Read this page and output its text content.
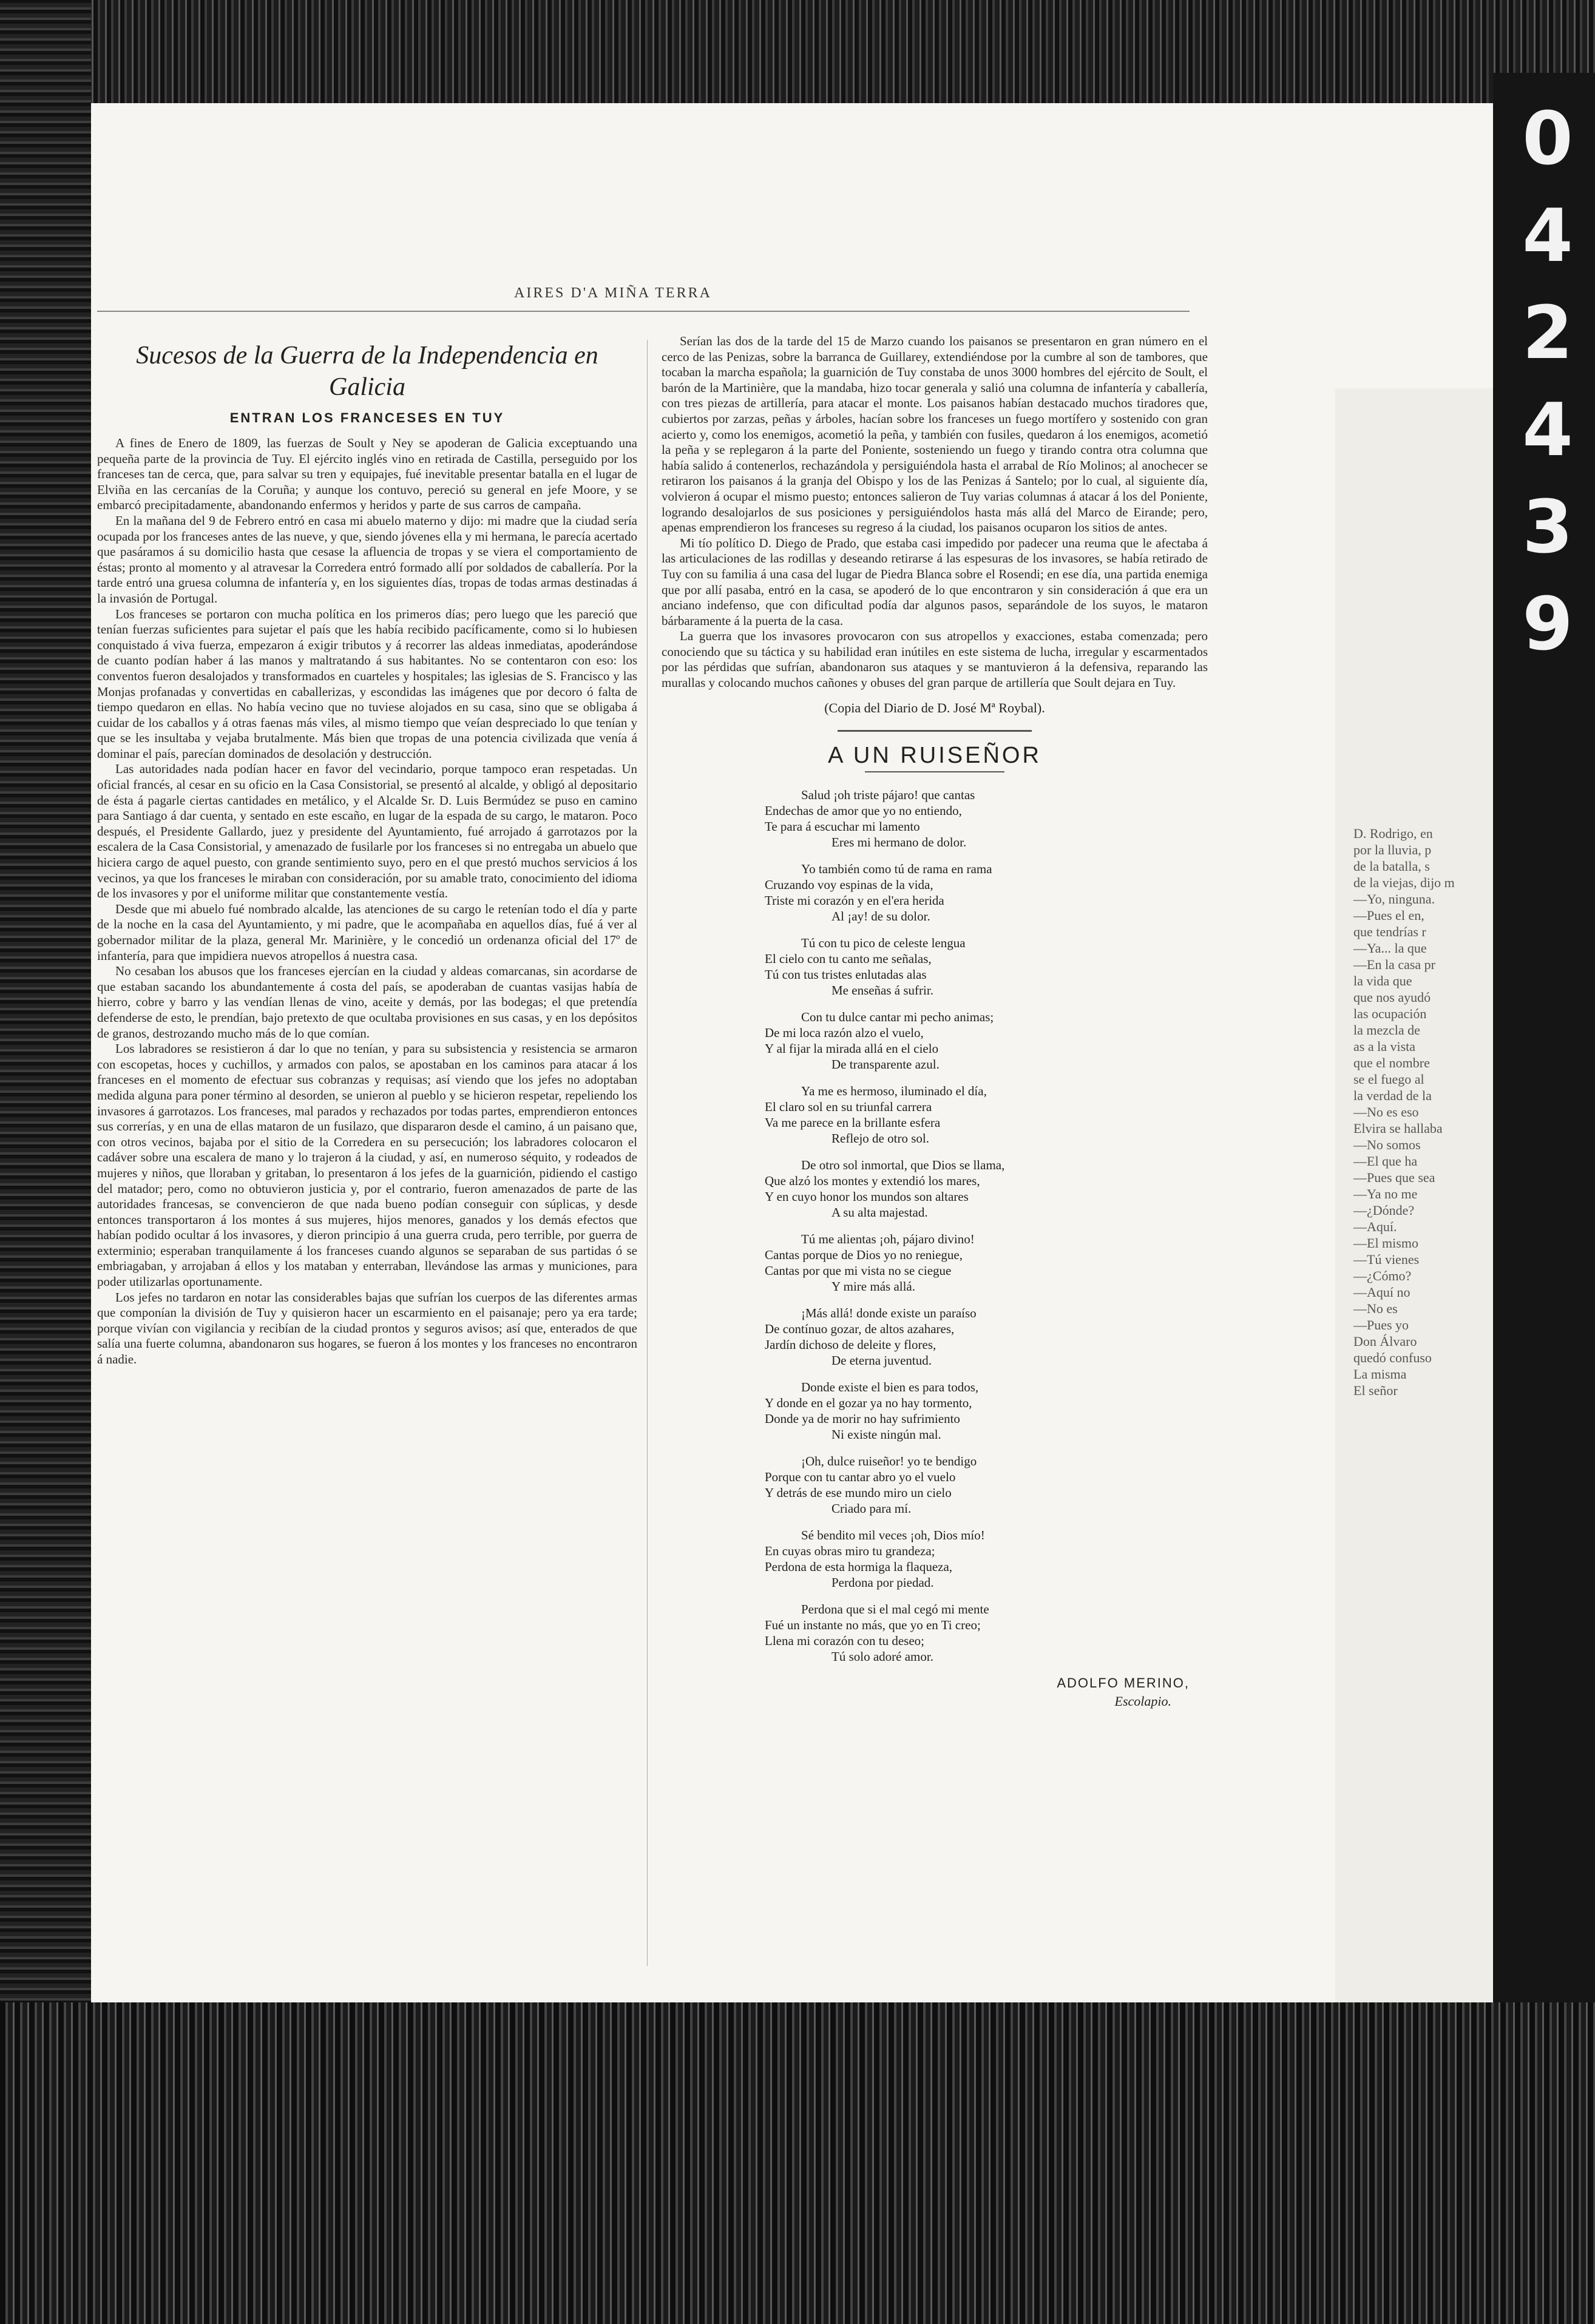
D. Rodrigo, en
por la lluvia, p
de la batalla, s
de la viejas, dijo m
—Yo, ninguna.
—Pues el en,
que tendrías r
—Ya... la que
—En la casa pr
la vida que
que nos ayudó
las ocupación
la mezcla de
as a la vista
que el nombre
se el fuego al
la verdad de la
—No es eso
Elvira se hallaba
—No somos
—El que ha
—Pues que sea
—Ya no me
—¿Dónde?
—Aquí.
—El mismo
—Tú vienes
—¿Cómo?
—Aquí no
—No es
—Pues yo
Don Álvaro
quedó confuso
La misma
El señor
0
4
2
4
3
9
AIRES D'A MIÑA TERRA
Sucesos de la Guerra de la Independencia en Galicia
ENTRAN LOS FRANCESES EN TUY

A fines de Enero de 1809, las fuerzas de Soult y Ney se apoderan de Galicia exceptuando una pequeña parte de la provincia de Tuy. El ejército inglés vino en retirada de Castilla, perseguido por los franceses tan de cerca, que, para salvar su tren y equipajes, fué inevitable presentar batalla en el lugar de Elviña en las cercanías de la Coruña; y aunque los contuvo, pereció su general en jefe Moore, y se embarcó precipitadamente, abandonando enfermos y heridos y parte de sus carros de campaña.

En la mañana del 9 de Febrero entró en casa mi abuelo materno y dijo: mi madre que la ciudad sería ocupada por los franceses antes de las nueve, y que, siendo jóvenes ella y mi hermana, le parecía acertado que pasáramos á su domicilio hasta que cesase la afluencia de tropas y se viera el comportamiento de éstas; pronto al momento y al atravesar la Corredera entró formado allí por soldados de caballería. Por la tarde entró una gruesa columna de infantería y, en los siguientes días, tropas de todas armas destinadas á la invasión de Portugal.

Los franceses se portaron con mucha política en los primeros días; pero luego que les pareció que tenían fuerzas suficientes para sujetar el país que les había recibido pacíficamente, como si lo hubiesen conquistado á viva fuerza, empezaron á exigir tributos y á recorrer las aldeas inmediatas, apoderándose de cuanto podían haber á las manos y maltratando á sus habitantes. No se contentaron con eso: los conventos fueron desalojados y transformados en cuarteles y hospitales; las iglesias de S. Francisco y las Monjas profanadas y convertidas en caballerizas, y escondidas las imágenes que por decoro ó falta de tiempo quedaron en ellas. No había vecino que no tuviese alojados en su casa, sino que se obligaba á cuidar de los caballos y á otras faenas más viles, al mismo tiempo que veían despreciado lo que tenían y que se les insultaba y vejaba brutalmente. Más bien que tropas de una potencia civilizada que venía á dominar el país, parecían dominados de desolación y destrucción.

Las autoridades nada podían hacer en favor del vecindario, porque tampoco eran respetadas. Un oficial francés, al cesar en su oficio en la Casa Consistorial, se presentó al alcalde, y obligó al depositario de ésta á pagarle ciertas cantidades en metálico, y el Alcalde Sr. D. Luis Bermúdez se puso en camino para Santiago á dar cuenta, y sentado en este escaño, en lugar de la espada de su cargo, le mataron. Poco después, el Presidente Gallardo, juez y presidente del Ayuntamiento, fué arrojado á garrotazos por la escalera de la Casa Consistorial, y amenazado de fusilarle por los franceses si no entregaba un abuelo que hiciera cargo de aquel puesto, con grande sentimiento suyo, pero en el que prestó muchos servicios á los vecinos, ya que los franceses le miraban con consideración, por su amable trato, conocimiento del idioma de los invasores y por el uniforme militar que constantemente vestía.

Desde que mi abuelo fué nombrado alcalde, las atenciones de su cargo le retenían todo el día y parte de la noche en la casa del Ayuntamiento, y mi padre, que le acompañaba en aquellos días, fué á ver al gobernador militar de la plaza, general Mr. Marinière, y le concedió un ordenanza oficial del 17º de infantería, para que impidiera nuevos atropellos á nuestra casa.

No cesaban los abusos que los franceses ejercían en la ciudad y aldeas comarcanas, sin acordarse de que estaban sacando los abundantemente á costa del país, se apoderaban de cuantas vasijas había de hierro, cobre y barro y las vendían llenas de vino, aceite y demás, por las bodegas; el que pretendía defenderse de esto, le prendían, bajo pretexto de que ocultaba provisiones en sus casas, y en los depósitos de granos, destrozando mucho más de lo que comían.

Los labradores se resistieron á dar lo que no tenían, y para su subsistencia y resistencia se armaron con escopetas, hoces y cuchillos, y armados con palos, se apostaban en los caminos para atacar á los franceses en el momento de efectuar sus cobranzas y requisas; así viendo que los jefes no adoptaban medida alguna para poner término al desorden, se unieron al pueblo y se hicieron respetar, repeliendo los invasores á garrotazos. Los franceses, mal parados y rechazados por todas partes, emprendieron entonces sus correrías, y en una de ellas mataron de un fusilazo, que dispararon desde el camino, á un paisano que, con otros vecinos, bajaba por el sitio de la Corredera en su persecución; los labradores colocaron el cadáver sobre una escalera de mano y lo trajeron á la ciudad, y así, en numeroso séquito, y rodeados de mujeres y niños, que lloraban y gritaban, lo presentaron á los jefes de la guarnición, pidiendo el castigo del matador; pero, como no obtuvieron justicia y, por el contrario, fueron amenazados de parte de las autoridades francesas, se convencieron de que nada bueno podían conseguir con súplicas, y desde entonces transportaron á los montes á sus mujeres, hijos menores, ganados y los demás efectos que habían podido ocultar á los invasores, y dieron principio á una guerra cruda, pero terrible, por guerra de exterminio; esperaban tranquilamente á los franceses cuando algunos se separaban de sus partidas ó se embriagaban, y arrojaban á ellos y los mataban y enterraban, llevándose las armas y municiones, para poder utilizarlas oportunamente.

Los jefes no tardaron en notar las considerables bajas que sufrían los cuerpos de las diferentes armas que componían la división de Tuy y quisieron hacer un escarmiento en el paisanaje; pero ya era tarde; porque vivían con vigilancia y recibían de la ciudad prontos y seguros avisos; así que, enterados de que salía una fuerte columna, abandonaron sus hogares, se fueron á los montes y los franceses no encontraron á nadie.

Serían las dos de la tarde del 15 de Marzo cuando los paisanos se presentaron en gran número en el cerco de las Penizas, sobre la barranca de Guillarey, extendiéndose por la cumbre al son de tambores, que tocaban la marcha española; la guarnición de Tuy constaba de unos 3000 hombres del ejército de Soult, el barón de la Martinière, que la mandaba, hizo tocar generala y salió una columna de infantería y caballería, con tres piezas de artillería, para atacar el monte. Los paisanos habían destacado muchos tiradores que, cubiertos por zarzas, peñas y árboles, hacían sobre los franceses un fuego mortífero y sostenido con gran acierto y, como los enemigos, acometió la peña, y también con fusiles, quedaron á los enemigos, acometió la peña y se replegaron á la parte del Poniente, sosteniendo un fuego y tirando contra otra columna que había salido á contenerlos, rechazándola y persiguiéndola hasta el arrabal de Río Molinos; al anochecer se retiraron los paisanos á la granja del Obispo y los de las Penizas á Santelo; por lo cual, al siguiente día, volvieron á ocupar el mismo puesto; entonces salieron de Tuy varias columnas á atacar á los del Poniente, logrando desalojarlos de sus posiciones y persiguiéndolos hasta más allá del Marco de Eirande; pero, apenas emprendieron los franceses su regreso á la ciudad, los paisanos ocuparon los sitios de antes.

Mi tío político D. Diego de Prado, que estaba casi impedido por padecer una reuma que le afectaba á las articulaciones de las rodillas y deseando retirarse á las espesuras de los invasores, se había retirado de Tuy con su familia á una casa del lugar de Piedra Blanca sobre el Rosendi; en ese día, una partida enemiga que por allí pasaba, entró en la casa, se apoderó de lo que encontraron y sin consideración á que era un anciano indefenso, que con dificultad podía dar algunos pasos, separándole de los suyos, le mataron bárbaramente á la puerta de la casa.

La guerra que los invasores provocaron con sus atropellos y exacciones, estaba comenzada; pero conociendo que su táctica y su habilidad eran inútiles en este sistema de lucha, irregular y escarmentados por las pérdidas que sufrían, abandonaron sus ataques y se mantuvieron á la defensiva, reparando las murallas y colocando muchos cañones y obuses del gran parque de artillería que Soult dejara en Tuy.

(Copia del Diario de D. José Mª Roybal).
A UN RUISEÑOR
Salud ¡oh triste pájaro! que cantas
Endechas de amor que yo no entiendo,
Te para á escuchar mi lamento
Eres mi hermano de dolor.
Yo también como tú de rama en rama
Cruzando voy espinas de la vida,
Triste mi corazón y en el'era herida
Al ¡ay! de su dolor.
Tú con tu pico de celeste lengua
El cielo con tu canto me señalas,
Tú con tus tristes enlutadas alas
Me enseñas á sufrir.
Con tu dulce cantar mi pecho animas;
De mi loca razón alzo el vuelo,
Y al fijar la mirada allá en el cielo
De transparente azul.
Ya me es hermoso, iluminado el día,
El claro sol en su triunfal carrera
Va me parece en la brillante esfera
Reflejo de otro sol.
De otro sol inmortal, que Dios se llama,
Que alzó los montes y extendió los mares,
Y en cuyo honor los mundos son altares
A su alta majestad.
Tú me alientas ¡oh, pájaro divino!
Cantas porque de Dios yo no reniegue,
Cantas por que mi vista no se ciegue
Y mire más allá.
¡Más allá! donde existe un paraíso
De contínuo gozar, de altos azahares,
Jardín dichoso de deleite y flores,
De eterna juventud.
Donde existe el bien es para todos,
Y donde en el gozar ya no hay tormento,
Donde ya de morir no hay sufrimiento
Ni existe ningún mal.
¡Oh, dulce ruiseñor! yo te bendigo
Porque con tu cantar abro yo el vuelo
Y detrás de ese mundo miro un cielo
Criado para mí.
Sé bendito mil veces ¡oh, Dios mío!
En cuyas obras miro tu grandeza;
Perdona de esta hormiga la flaqueza,
Perdona por piedad.
Perdona que si el mal cegó mi mente
Fué un instante no más, que yo en Ti creo;
Llena mi corazón con tu deseo;
Tú solo adoré amor.
ADOLFO MERINO,
Escolapio.
